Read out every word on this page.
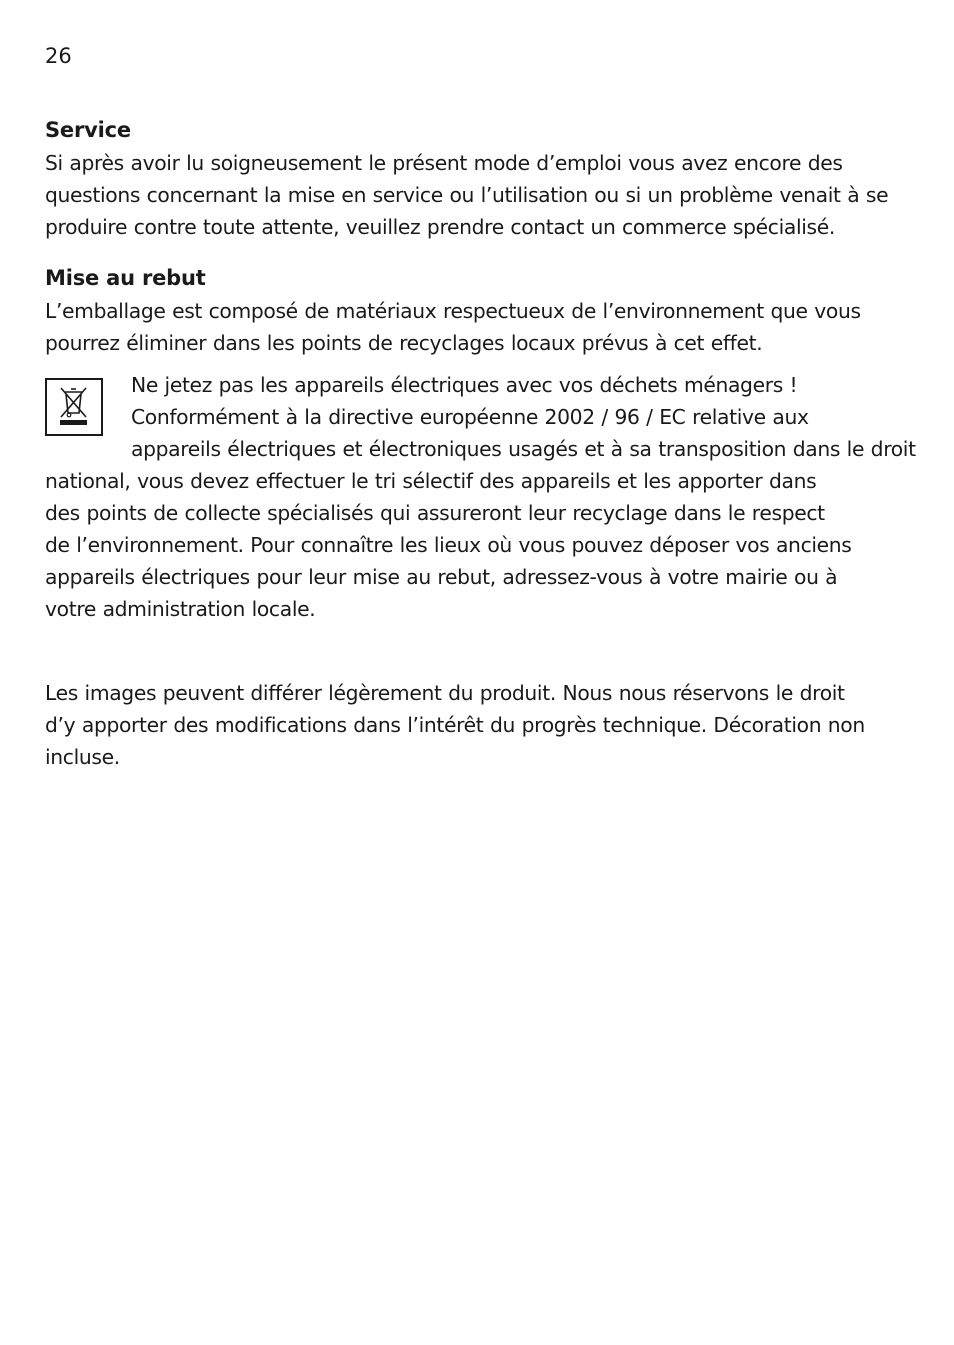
26
Service

Si après avoir lu soigneusement le présent mode d’emploi vous avez encore des
questions concernant la mise en service ou l’utilisation ou si un problème venait à se
produire contre toute attente, veuillez prendre contact un commerce spécialisé.

Mise au rebut

L’emballage est composé de matériaux respectueux de l’environnement que vous
pourrez éliminer dans les points de recyclages locaux prévus à cet effet.

Ne jetez pas les appareils électriques avec vos déchets ménagers !
Conformément à la directive européenne 2002 / 96 / EC relative aux
appareils électriques et électroniques usagés et à sa transposition dans le droit
national, vous devez effectuer le tri sélectif des appareils et les apporter dans
des points de collecte spécialisés qui assureront leur recyclage dans le respect
de l’environnement. Pour connaître les lieux où vous pouvez déposer vos anciens
appareils électriques pour leur mise au rebut, adressez-vous à votre mairie ou à
votre administration locale.

Les images peuvent différer légèrement du produit. Nous nous réservons le droit
d’y apporter des modifications dans l’intérêt du progrès technique. Décoration non
incluse.
